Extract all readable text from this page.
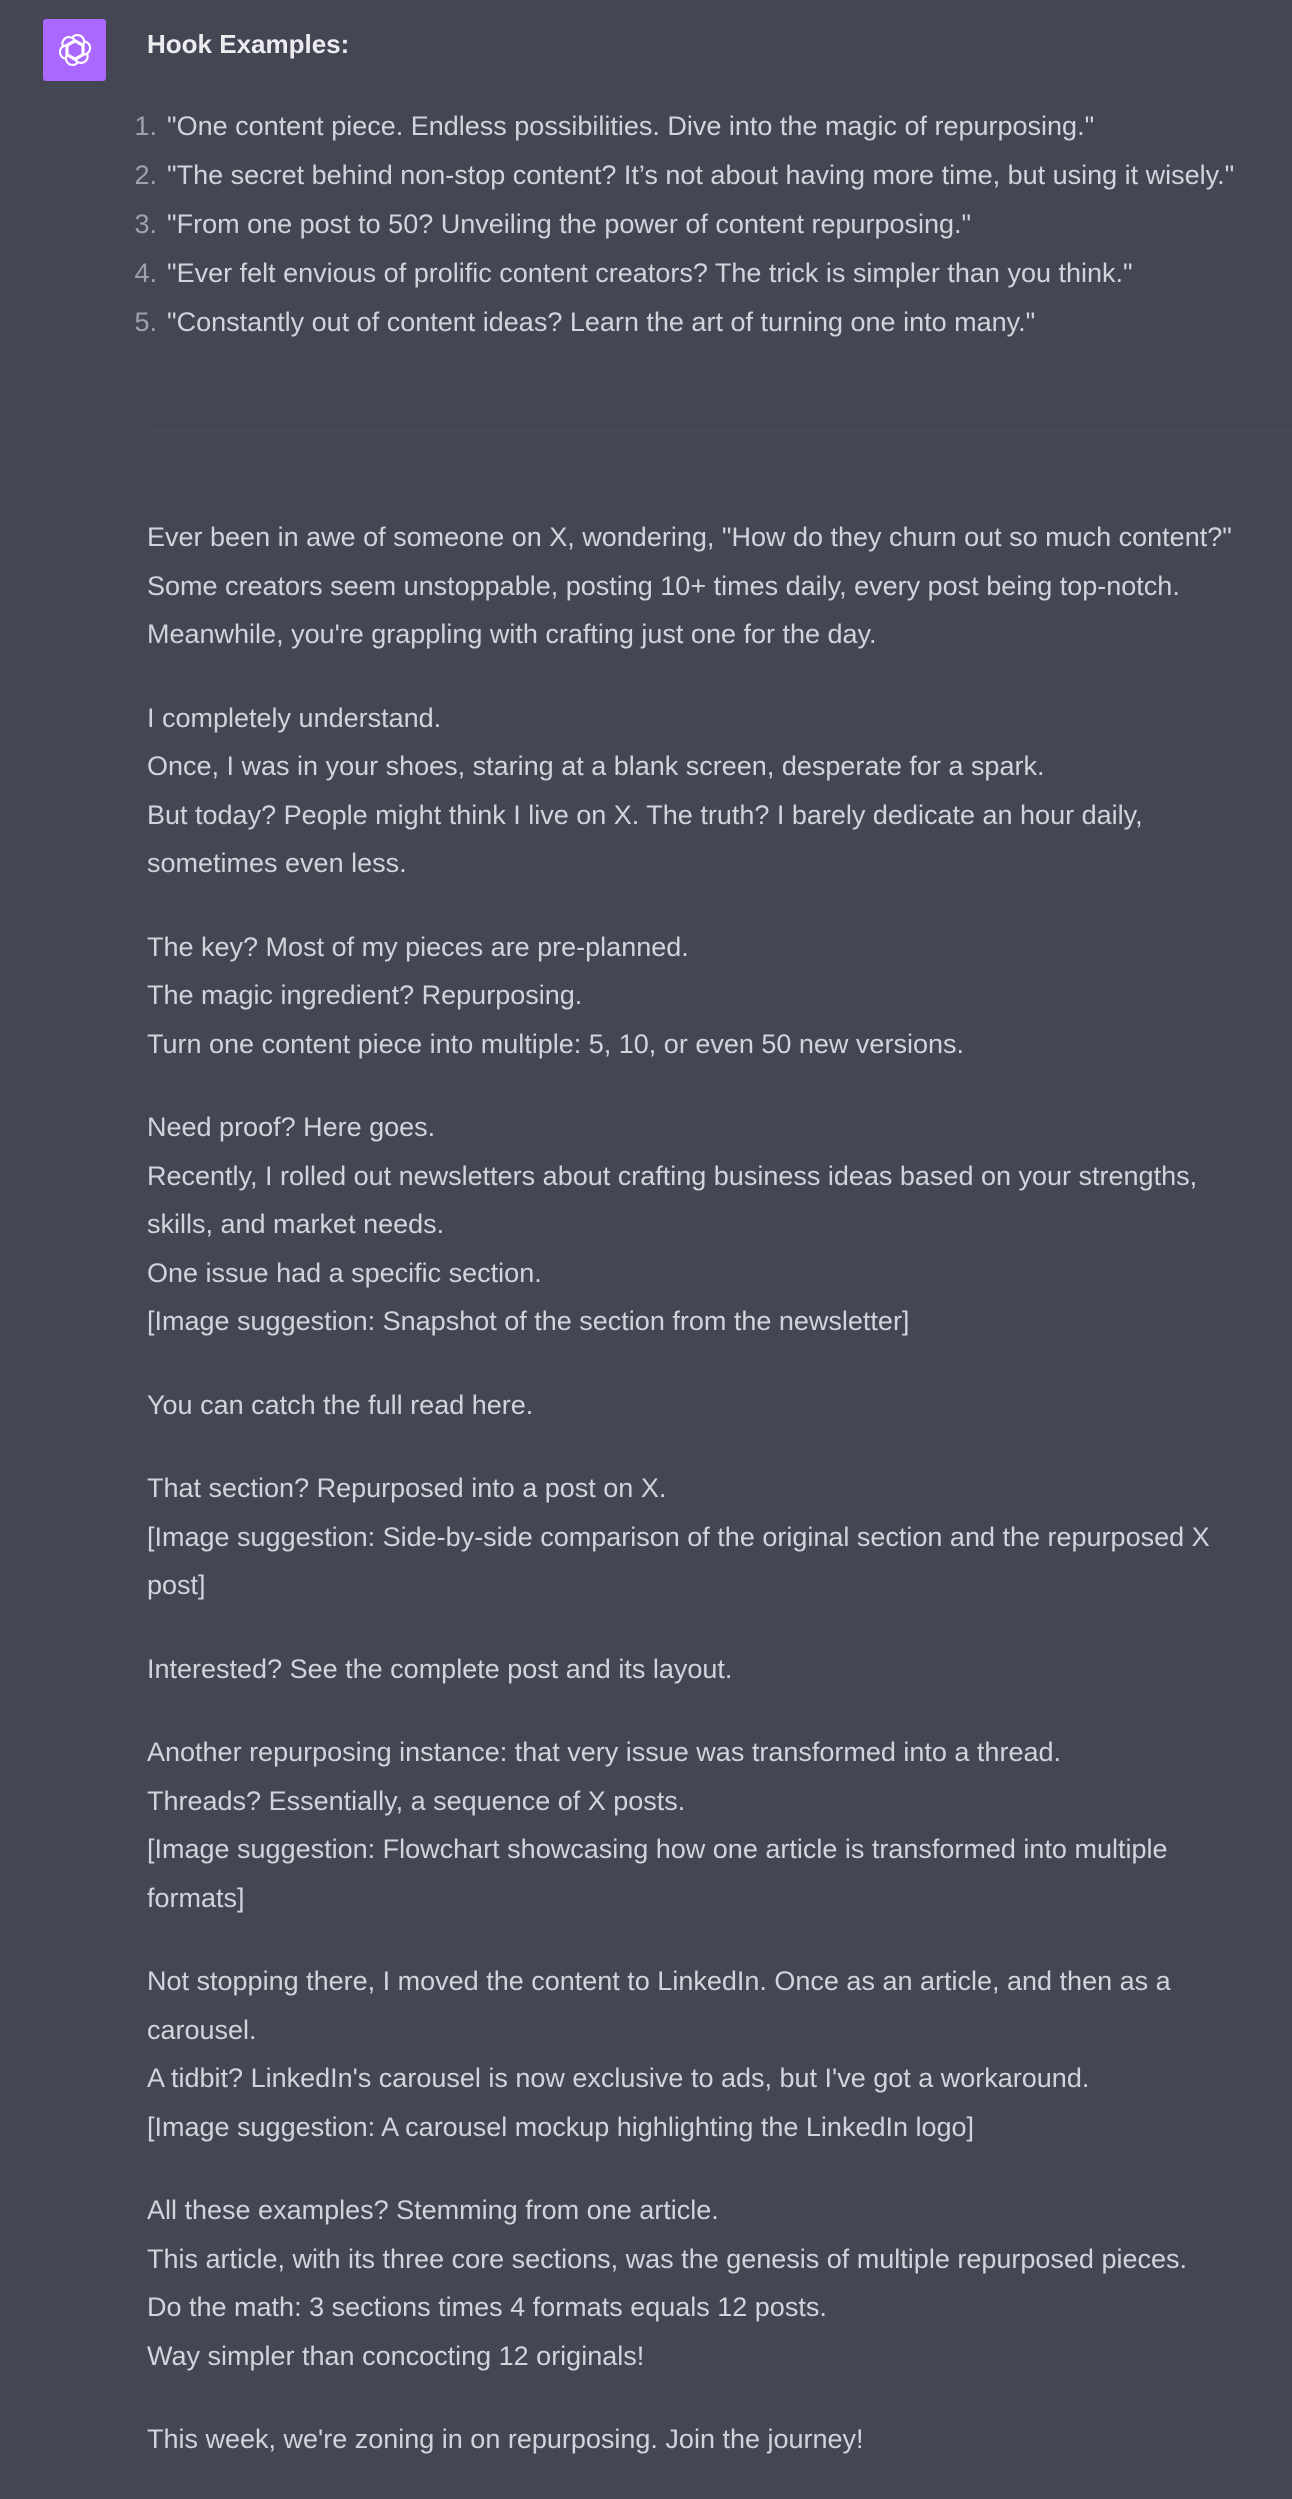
Hook Examples:
1. "One content piece. Endless possibilities. Dive into the magic of repurposing."
2. "The secret behind non-stop content? It’s not about having more time, but using it wisely."
3. "From one post to 50? Unveiling the power of content repurposing."
4. "Ever felt envious of prolific content creators? The trick is simpler than you think."
5. "Constantly out of content ideas? Learn the art of turning one into many."
Ever been in awe of someone on X, wondering, "How do they churn out so much content?"
Some creators seem unstoppable, posting 10+ times daily, every post being top-notch.
Meanwhile, you're grappling with crafting just one for the day.
I completely understand.
Once, I was in your shoes, staring at a blank screen, desperate for a spark.
But today? People might think I live on X. The truth? I barely dedicate an hour daily,
sometimes even less.
The key? Most of my pieces are pre-planned.
The magic ingredient? Repurposing.
Turn one content piece into multiple: 5, 10, or even 50 new versions.
Need proof? Here goes.
Recently, I rolled out newsletters about crafting business ideas based on your strengths,
skills, and market needs.
One issue had a specific section.
[Image suggestion: Snapshot of the section from the newsletter]
You can catch the full read here.
That section? Repurposed into a post on X.
[Image suggestion: Side-by-side comparison of the original section and the repurposed X
post]
Interested? See the complete post and its layout.
Another repurposing instance: that very issue was transformed into a thread.
Threads? Essentially, a sequence of X posts.
[Image suggestion: Flowchart showcasing how one article is transformed into multiple
formats]
Not stopping there, I moved the content to LinkedIn. Once as an article, and then as a
carousel.
A tidbit? LinkedIn's carousel is now exclusive to ads, but I've got a workaround.
[Image suggestion: A carousel mockup highlighting the LinkedIn logo]
All these examples? Stemming from one article.
This article, with its three core sections, was the genesis of multiple repurposed pieces.
Do the math: 3 sections times 4 formats equals 12 posts.
Way simpler than concocting 12 originals!
This week, we're zoning in on repurposing. Join the journey!
